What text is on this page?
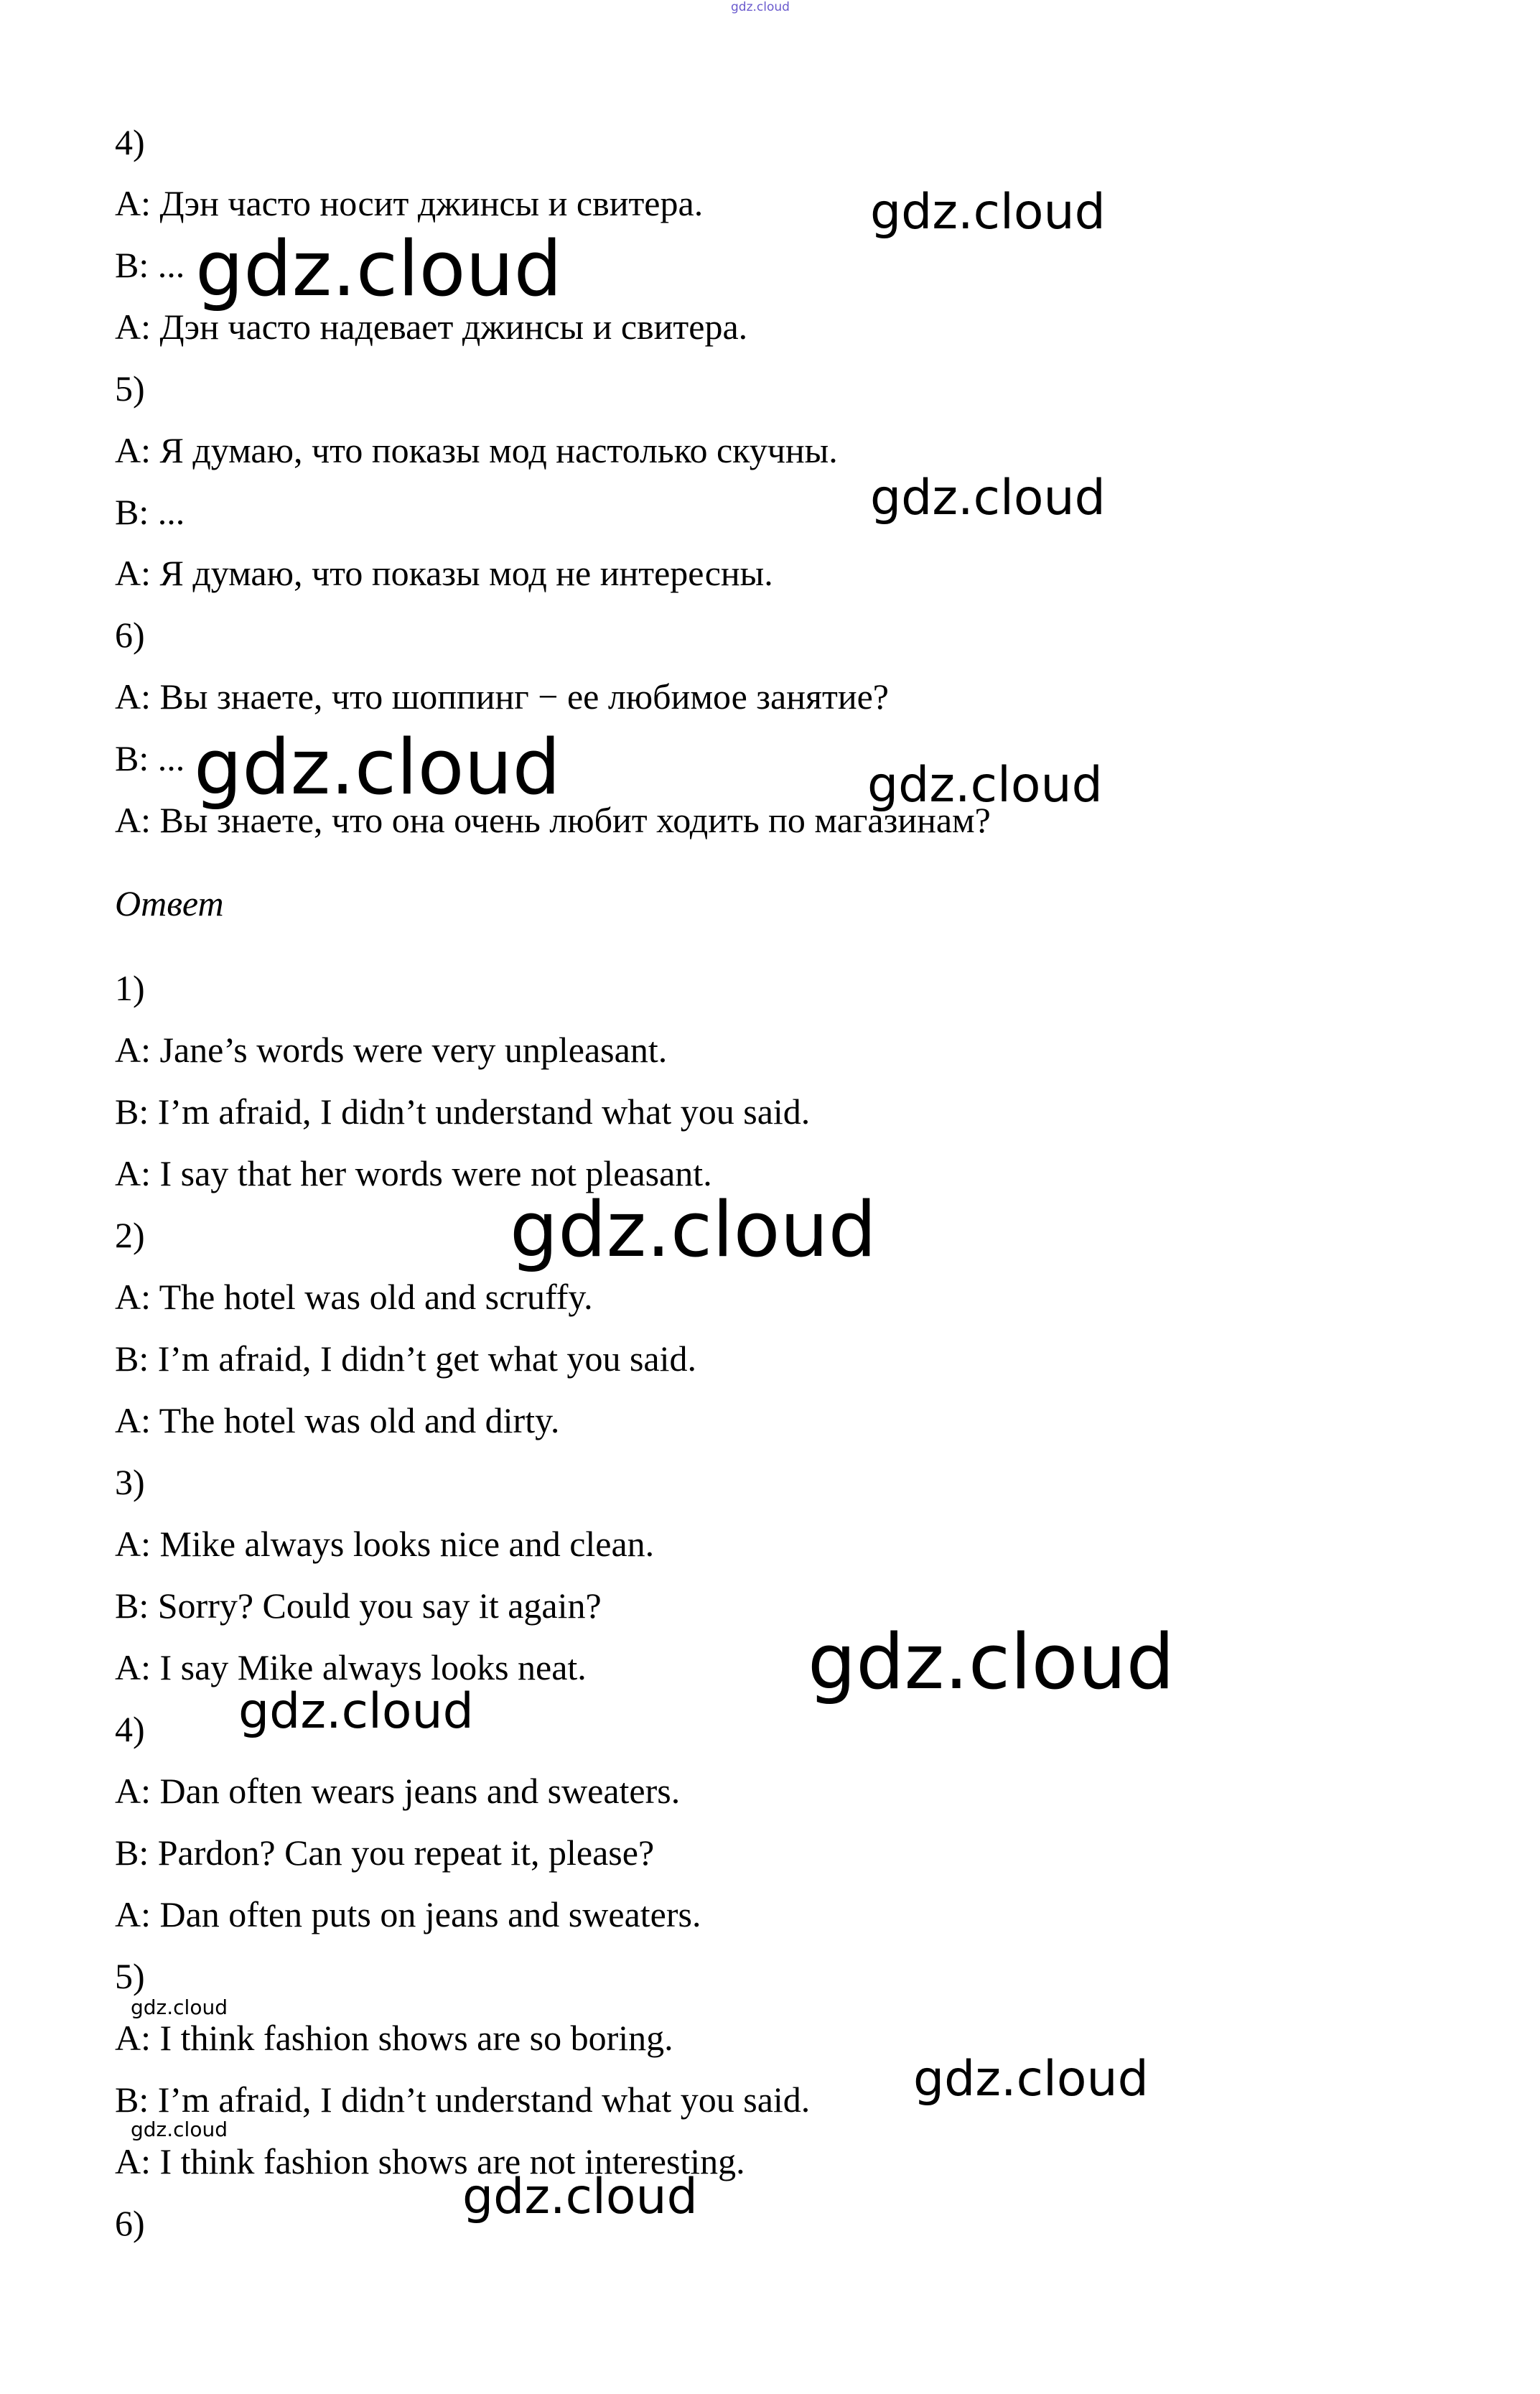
gdz.cloud

4)

A: Дэн часто носит джинсы и свитера.

B: ...

A: Дэн часто надевает джинсы и свитера.

5)

A: Я думаю, что показы мод настолько скучны.

B: ...

A: Я думаю, что показы мод не интересны.

6)

A: Вы знаете, что шоппинг − ее любимое занятие?

B: ...

A: Вы знаете, что она очень любит ходить по магазинам?

Ответ

1)

A: Jane’s words were very unpleasant.

B: I’m afraid, I didn’t understand what you said.

A: I say that her words were not pleasant.

2)

A: The hotel was old and scruffy.

B: I’m afraid, I didn’t get what you said.

A: The hotel was old and dirty.

3)

A: Mike always looks nice and clean.

B: Sorry? Could you say it again?

A: I say Mike always looks neat.

4)

A: Dan often wears jeans and sweaters.

B: Pardon? Can you repeat it, please?

A: Dan often puts on jeans and sweaters.

5)

A: I think fashion shows are so boring.

B: I’m afraid, I didn’t understand what you said.

A: I think fashion shows are not interesting.

6)

gdz.cloud
gdz.cloud
gdz.cloud
gdz.cloud	gdz.cloud
gdz.cloud
gdz.cloud
gdz.cloud
gdz.cloud
gdz.cloud
gdz.cloud
gdz.cloud
